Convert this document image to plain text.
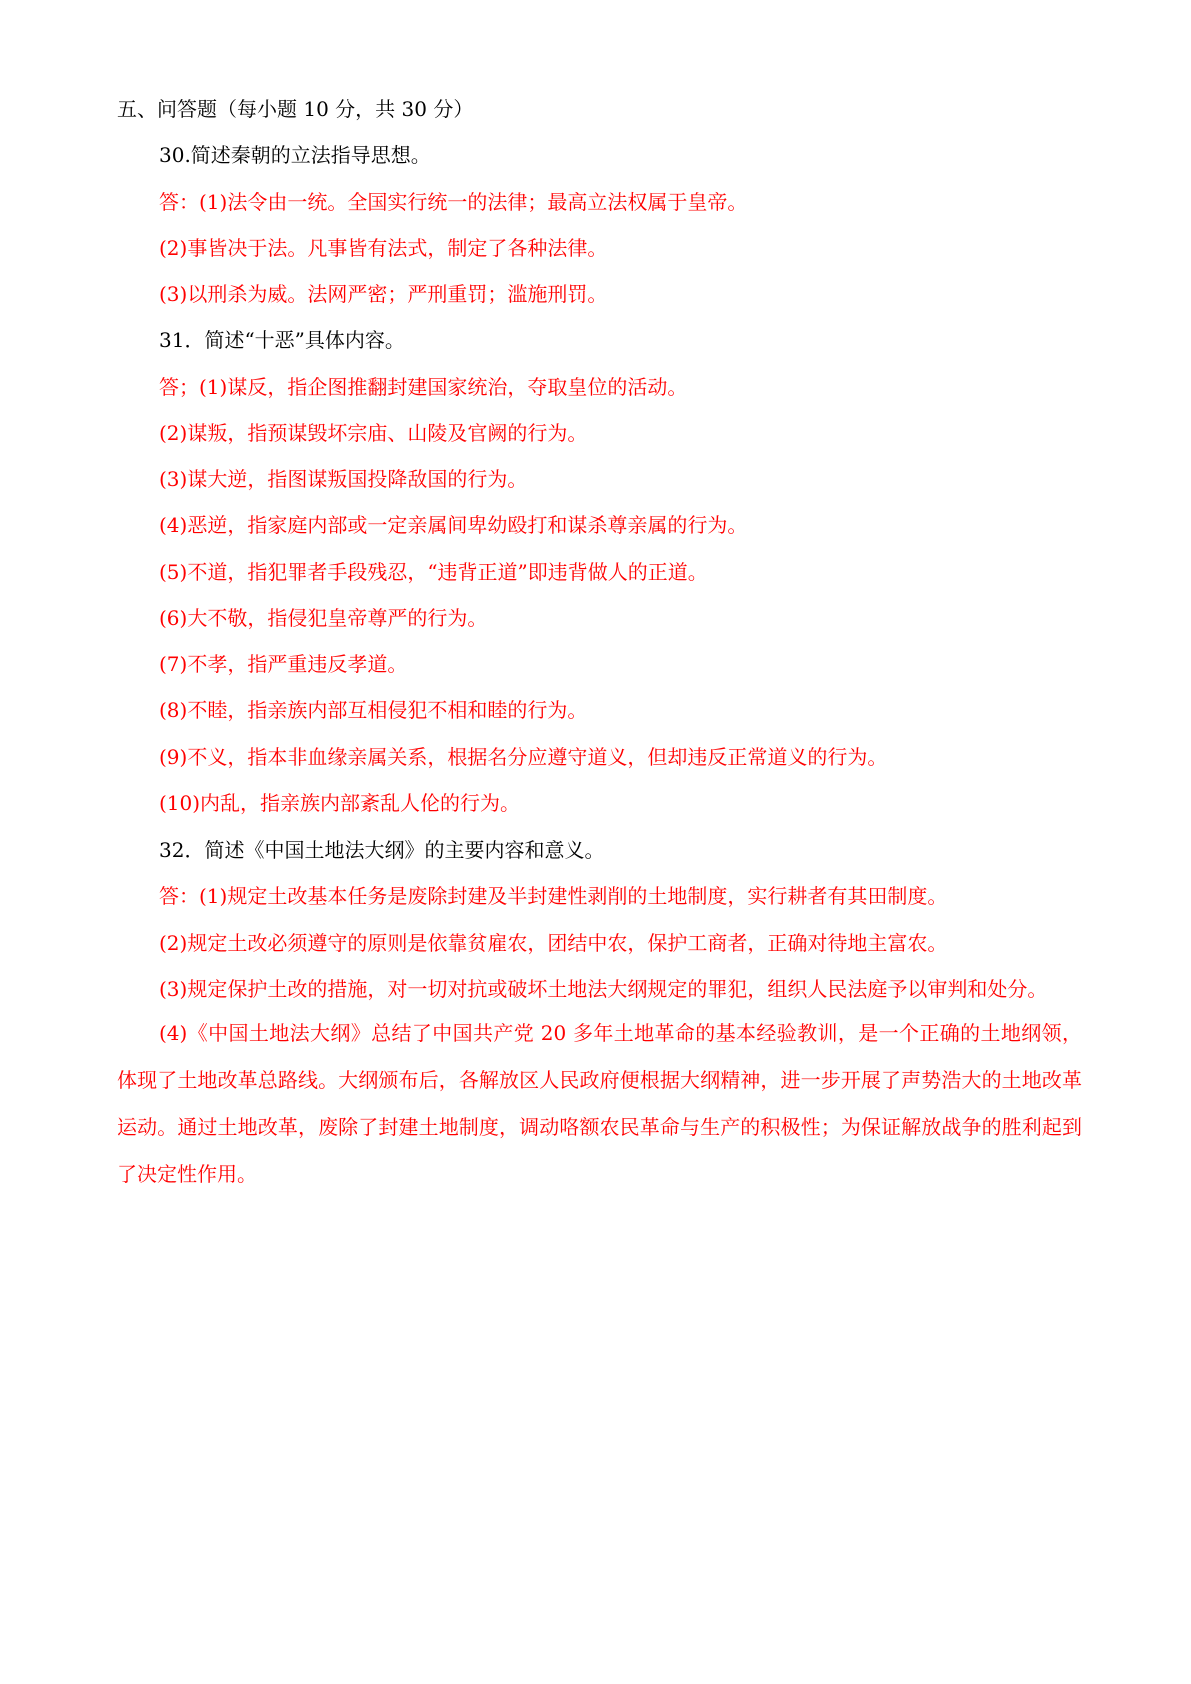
五、问答题（每小题 10 分，共 30 分）
30.简述秦朝的立法指导思想。
答：(1)法令由一统。全国实行统一的法律；最高立法权属于皇帝。
(2)事皆决于法。凡事皆有法式，制定了各种法律。
(3)以刑杀为威。法网严密；严刑重罚；滥施刑罚。
31．简述“十恶”具体内容。
答；(1)谋反，指企图推翻封建国家统治，夺取皇位的活动。
(2)谋叛，指预谋毁坏宗庙、山陵及官阙的行为。
(3)谋大逆，指图谋叛国投降敌国的行为。
(4)恶逆，指家庭内部或一定亲属间卑幼殴打和谋杀尊亲属的行为。
(5)不道，指犯罪者手段残忍，“违背正道”即违背做人的正道。
(6)大不敬，指侵犯皇帝尊严的行为。
(7)不孝，指严重违反孝道。
(8)不睦，指亲族内部互相侵犯不相和睦的行为。
(9)不义，指本非血缘亲属关系，根据名分应遵守道义，但却违反正常道义的行为。
(10)内乱，指亲族内部紊乱人伦的行为。
32．简述《中国土地法大纲》的主要内容和意义。
答：(1)规定土改基本任务是废除封建及半封建性剥削的土地制度，实行耕者有其田制度。
(2)规定土改必须遵守的原则是依靠贫雇农，团结中农，保护工商者，正确对待地主富农。
(3)规定保护土改的措施，对一切对抗或破坏土地法大纲规定的罪犯，组织人民法庭予以审判和处分。
(4)《中国土地法大纲》总结了中国共产党 20 多年土地革命的基本经验教训，是一个正确的土地纲领，体现了土地改革总路线。大纲颁布后，各解放区人民政府便根据大纲精神，进一步开展了声势浩大的土地改革运动。通过土地改革，废除了封建土地制度，调动咯额农民革命与生产的积极性；为保证解放战争的胜利起到了决定性作用。
